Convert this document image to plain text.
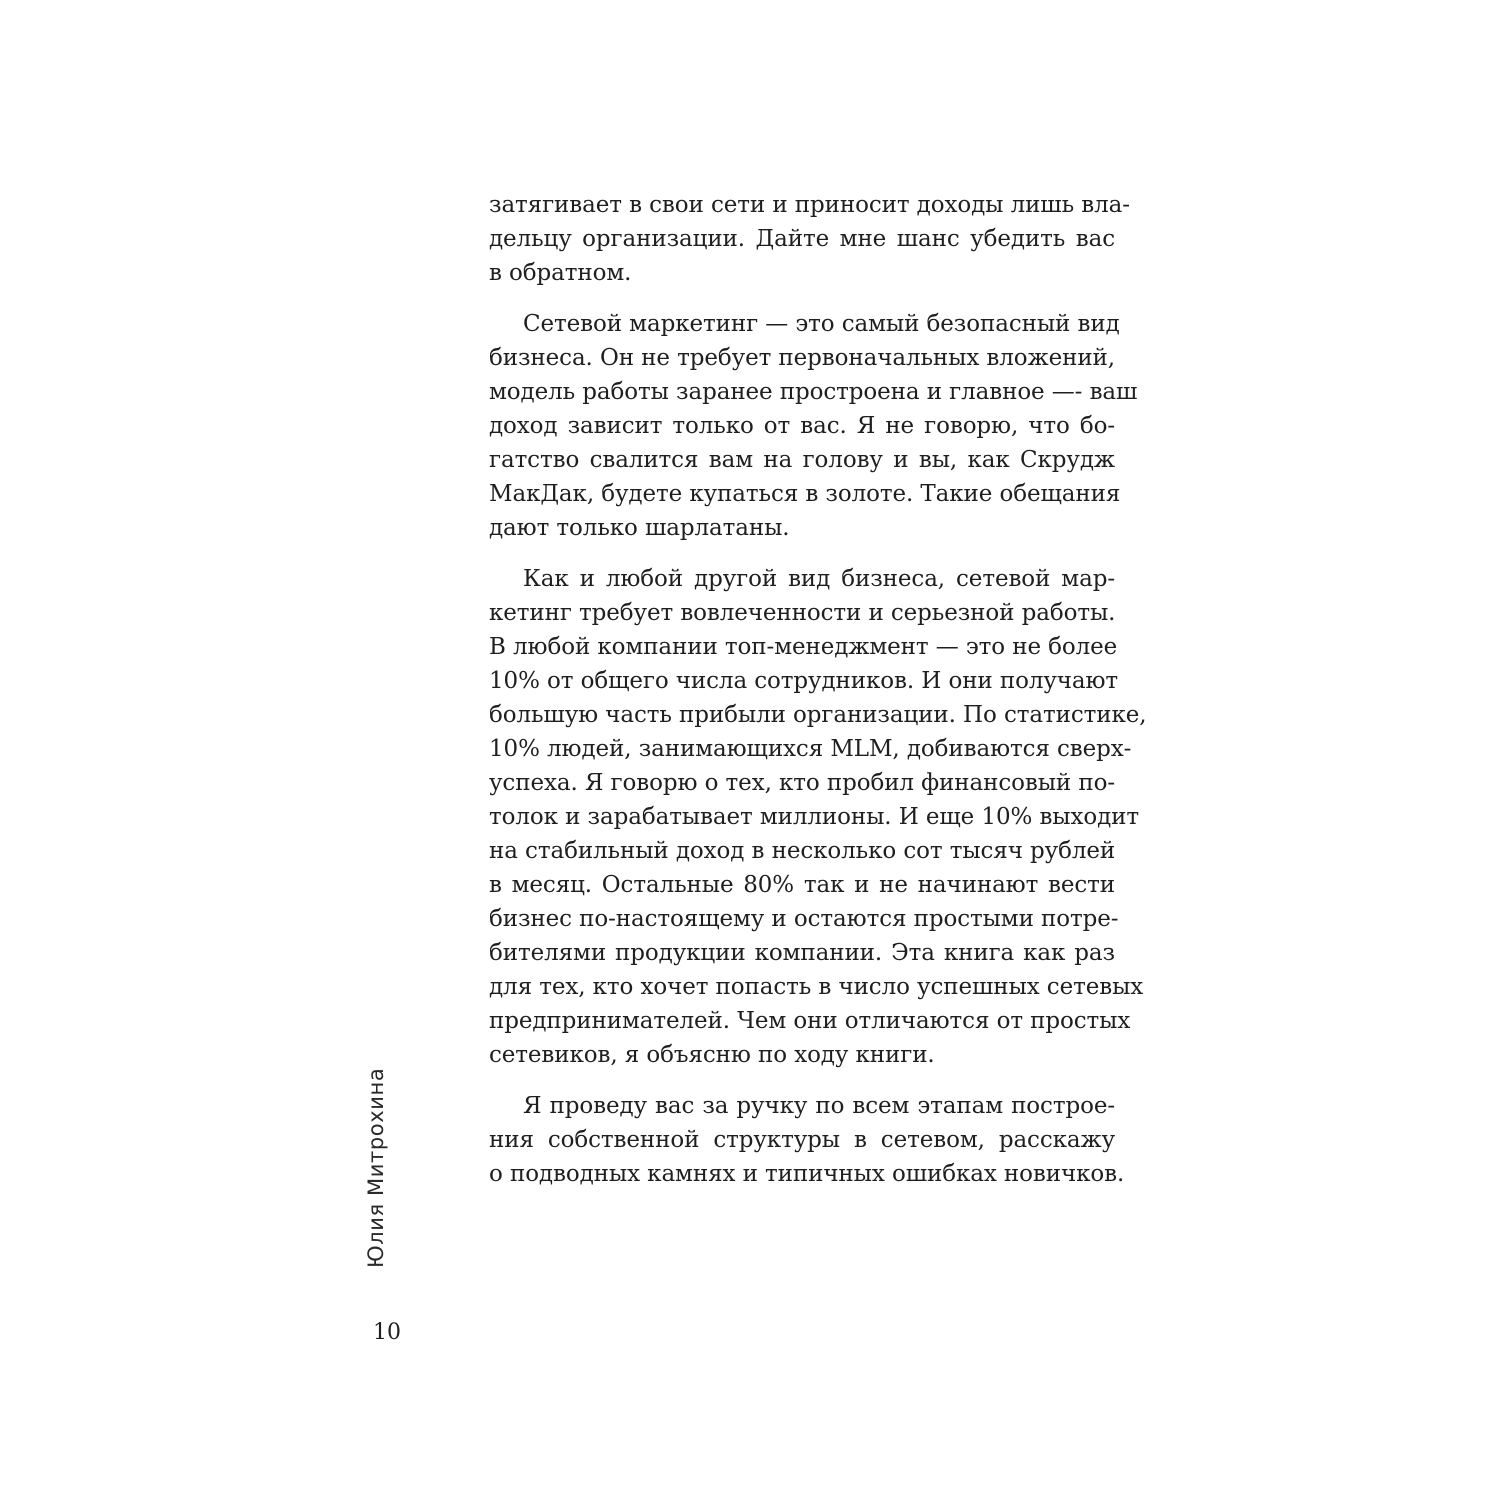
затягивает в свои сети и приносит доходы лишь вла-
дельцу организации. Дайте мне шанс убедить вас
в обратном.

Сетевой маркетинг — это самый безопасный вид
бизнеса. Он не требует первоначальных вложений,
модель работы заранее простроена и главное —- ваш
доход зависит только от вас. Я не говорю, что бо-
гатство свалится вам на голову и вы, как Скрудж
МакДак, будете купаться в золоте. Такие обещания
дают только шарлатаны.

Как и любой другой вид бизнеса, сетевой мар-
кетинг требует вовлеченности и серьезной работы.
В любой компании топ-менеджмент — это не более
10% от общего числа сотрудников. И они получают
большую часть прибыли организации. По статистике,
10% людей, занимающихся MLM, добиваются сверх-
успеха. Я говорю о тех, кто пробил финансовый по-
толок и зарабатывает миллионы. И еще 10% выходит
на стабильный доход в несколько сот тысяч рублей
в месяц. Остальные 80% так и не начинают вести
бизнес по-настоящему и остаются простыми потре-
бителями продукции компании. Эта книга как раз
для тех, кто хочет попасть в число успешных сетевых
предпринимателей. Чем они отличаются от простых
сетевиков, я объясню по ходу книги.

Я проведу вас за ручку по всем этапам построе-
ния собственной структуры в сетевом, расскажу
о подводных камнях и типичных ошибках новичков.

Юлия Митрохина
10
